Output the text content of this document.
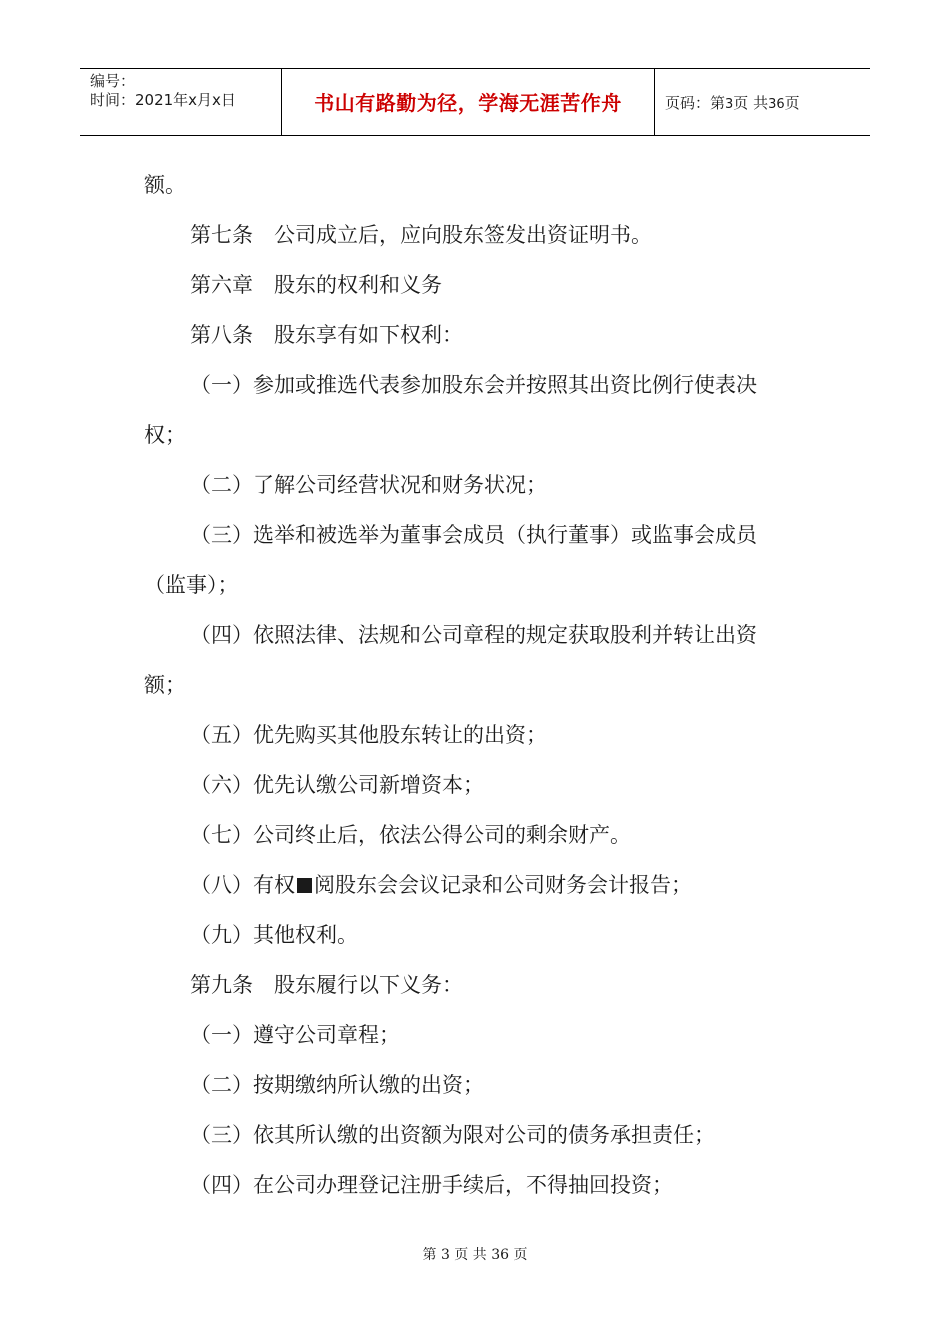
编号：
时间：2021年x月x日	书山有路勤为径，学海无涯苦作舟	页码：第3页 共36页

额。

第七条　公司成立后，应向股东签发出资证明书。

第六章　股东的权利和义务

第八条　股东享有如下权利：

（一）参加或推选代表参加股东会并按照其出资比例行使表决

权；

（二）了解公司经营状况和财务状况；

（三）选举和被选举为董事会成员（执行董事）或监事会成员

（监事）；

（四）依照法律、法规和公司章程的规定获取股利并转让出资

额；

（五）优先购买其他股东转让的出资；

（六）优先认缴公司新增资本；

（七）公司终止后，依法公得公司的剩余财产。

（八）有权 阅股东会会议记录和公司财务会计报告；

（九）其他权利。

第九条　股东履行以下义务：

（一）遵守公司章程；

（二）按期缴纳所认缴的出资；

（三）依其所认缴的出资额为限对公司的债务承担责任；

（四）在公司办理登记注册手续后，不得抽回投资；

第 3 页 共 36 页
